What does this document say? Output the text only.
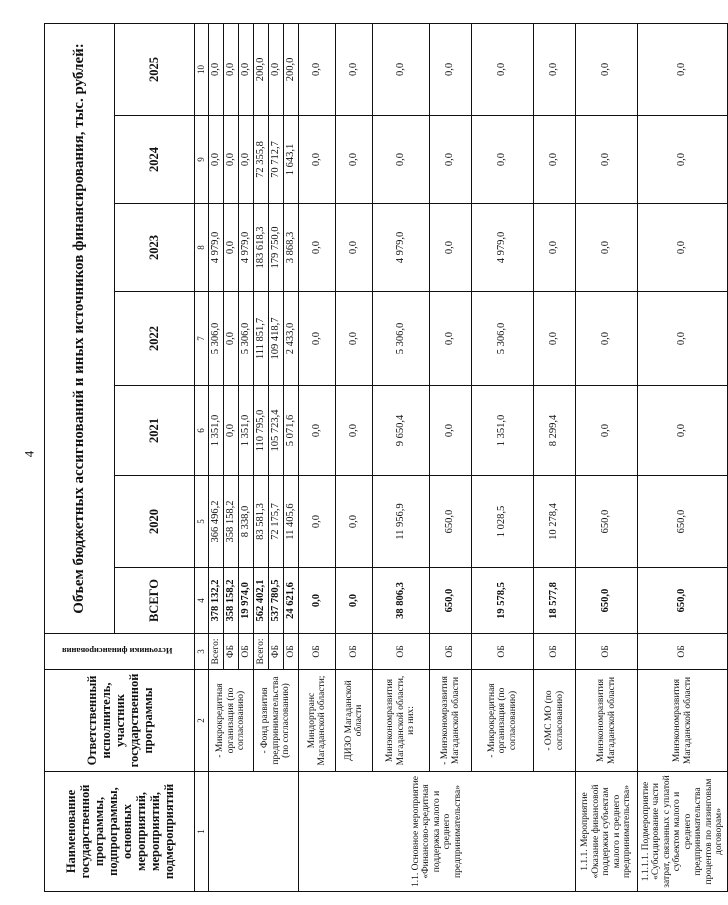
4
Наименование государственной программы, подпрограммы, основных мероприятий, мероприятий, подмероприятий	Ответственный исполнитель, участник государственной программы	Источники финансирования	Объем бюджетных ассигнований и иных источников финансирования, тыс. рублей:						
			ВСЕГО	2020	2021	2022	2023	2024	2025
1	2	3	4	5	6	7	8	9	10
	- Микрокредитная организация (по согласованию)	Всего:	378 132,2	366 496,2	1 351,0	5 306,0	4 979,0	0,0	0,0
		ФБ	358 158,2	358 158,2	0,0	0,0	0,0	0,0	0,0
		ОБ	19 974,0	8 338,0	1 351,0	5 306,0	4 979,0	0,0	0,0
	- Фонд развития предпринимательства (по согласованию)	Всего:	562 402,1	83 581,3	110 795,0	111 851,7	183 618,3	72 355,8	200,0
		ФБ	537 780,5	72 175,7	105 723,4	109 418,7	179 750,0	70 712,7	0,0
		ОБ	24 621,6	11 405,6	5 071,6	2 433,0	3 868,3	1 643,1	200,0
1.1. Основное мероприятие «Финансово-кредитная поддержка малого и среднего предпринимательства»	Миндортранс Магаданской области;	ОБ	0,0	0,0	0,0	0,0	0,0	0,0	0,0
	ДИЗО Магаданской области	ОБ	0,0	0,0	0,0	0,0	0,0	0,0	0,0
	Минэкономразвития Магаданской области, из них:	ОБ	38 806,3	11 956,9	9 650,4	5 306,0	4 979,0	0,0	0,0
	- Минэкономразвития Магаданской области	ОБ	650,0	650,0	0,0	0,0	0,0	0,0	0,0
	- Микрокредитная организация (по согласованию)	ОБ	19 578,5	1 028,5	1 351,0	5 306,0	4 979,0	0,0	0,0
	- ОМС МО (по согласованию)	ОБ	18 577,8	10 278,4	8 299,4	0,0	0,0	0,0	0,0
1.1.1. Мероприятие «Оказание финансовой поддержки субъектам малого и среднего предпринимательства»	Минэкономразвития Магаданской области	ОБ	650,0	650,0	0,0	0,0	0,0	0,0	0,0
1.1.1.1. Подмероприятие «Субсидирование части затрат, связанных с уплатой субъектом малого и среднего предпринимательства процентов по лизинговым договорам»	Минэкономразвития Магаданской области	ОБ	650,0	650,0	0,0	0,0	0,0	0,0	0,0
